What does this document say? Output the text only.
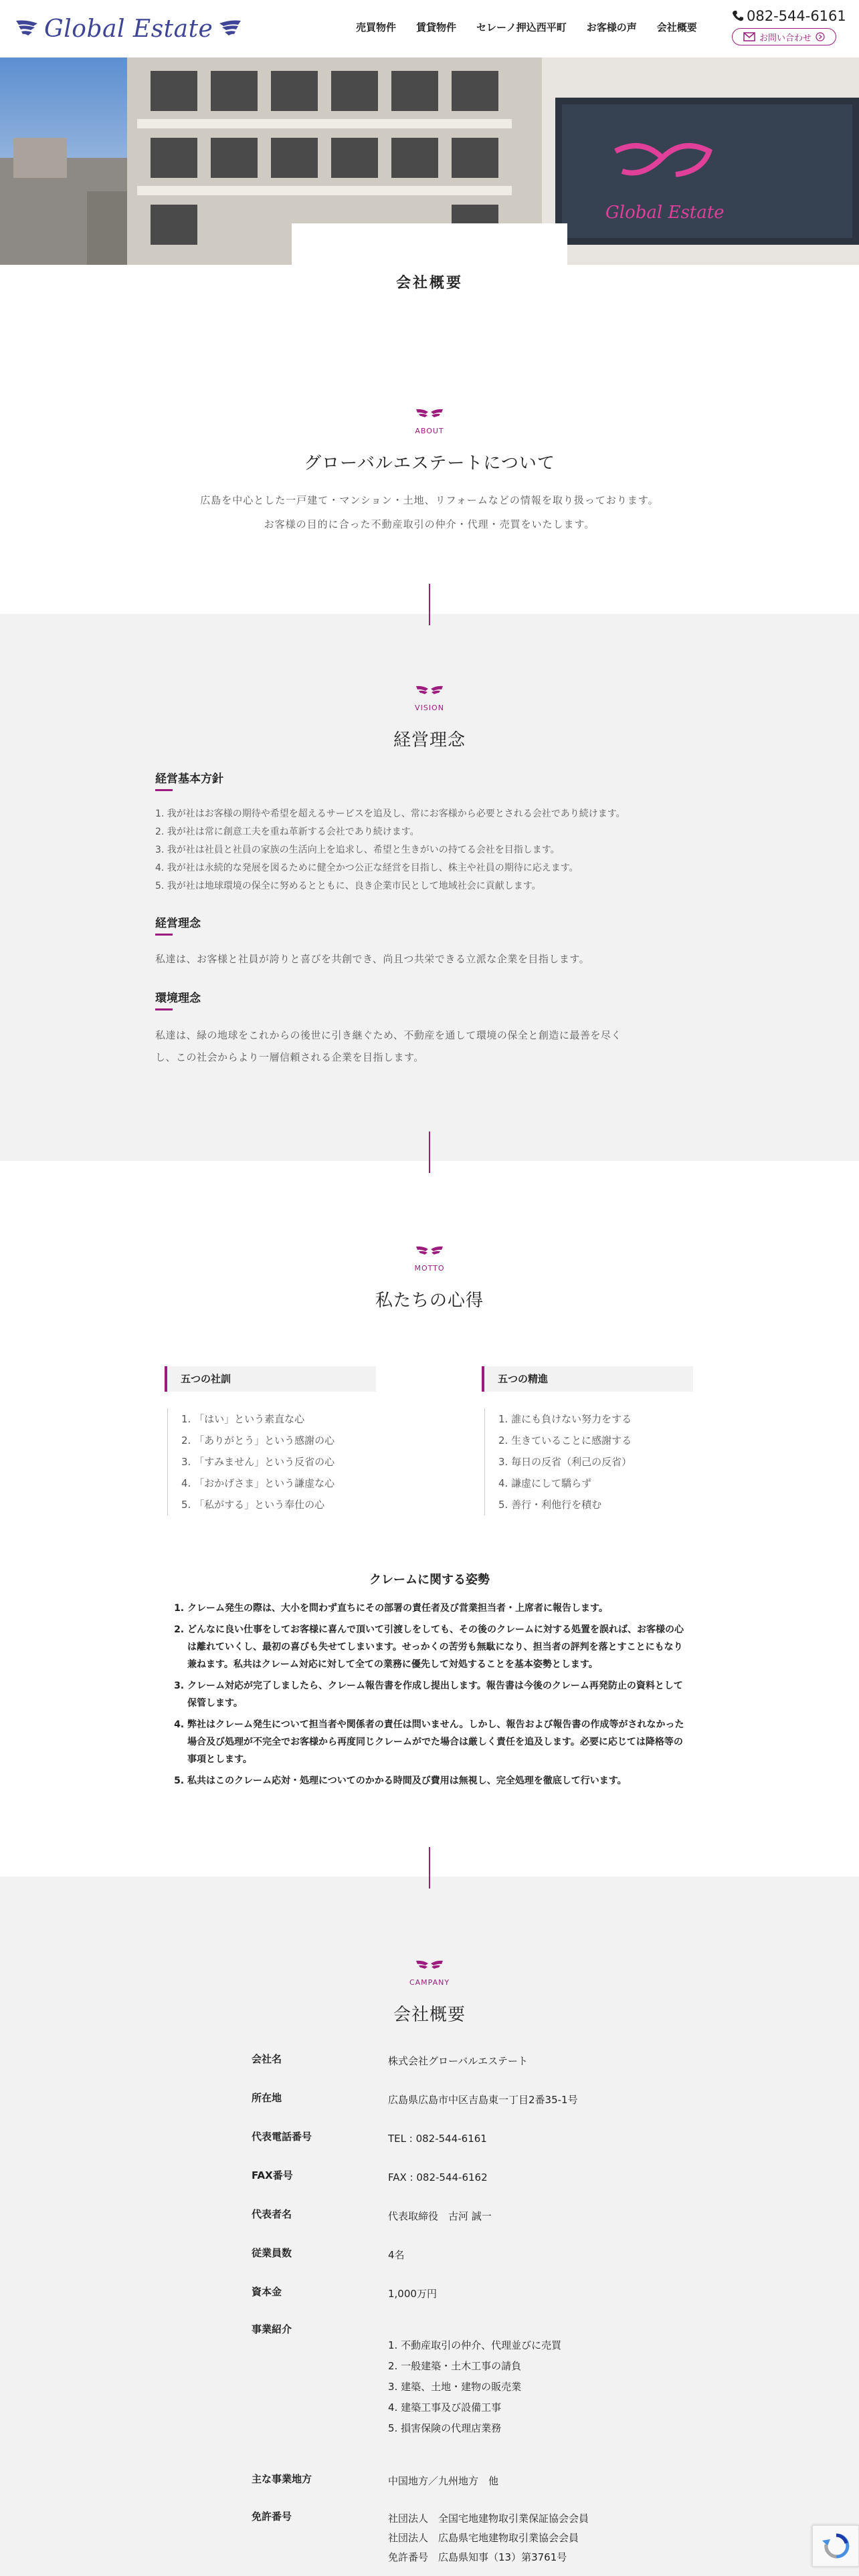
Global Estate	売買物件 賃貸物件 セレーノ押込西平町 お客様の声 会社概要
082-544-6161
お問い合わせ
Global Estate
会社概要
ABOUT
グローバルエステートについて
広島を中心とした一戸建て・マンション・土地、リフォームなどの情報を取り扱っております。
お客様の目的に合った不動産取引の仲介・代理・売買をいたします。
VISION
経営理念
経営基本方針
1. 我が社はお客様の期待や希望を超えるサービスを追及し、常にお客様から必要とされる会社であり続けます。
2. 我が社は常に創意工夫を重ね革新する会社であり続けます。
3. 我が社は社員と社員の家族の生活向上を追求し、希望と生きがいの持てる会社を目指します。
4. 我が社は永続的な発展を図るために健全かつ公正な経営を目指し、株主や社員の期待に応えます。
5. 我が社は地球環境の保全に努めるとともに、良き企業市民として地域社会に貢献します。
経営理念
私達は、お客様と社員が誇りと喜びを共創でき、尚且つ共栄できる立派な企業を目指します。
環境理念
私達は、緑の地球をこれからの後世に引き継ぐため、不動産を通して環境の保全と創造に最善を尽く
し、この社会からより一層信頼される企業を目指します。
MOTTO
私たちの心得
五つの社訓
1. 「はい」という素直な心
2. 「ありがとう」という感謝の心
3. 「すみません」という反省の心
4. 「おかげさま」という謙虚な心
5. 「私がする」という奉仕の心
五つの精進
1. 誰にも負けない努力をする
2. 生きていることに感謝する
3. 毎日の反省（利己の反省）
4. 謙虚にして驕らず
5. 善行・利他行を積む
クレームに関する姿勢
1. クレーム発生の際は、大小を問わず直ちにその部署の責任者及び営業担当者・上席者に報告します。
2. どんなに良い仕事をしてお客様に喜んで頂いて引渡しをしても、その後のクレームに対する処置を誤れば、お客様の心は離れていくし、最初の喜びも失せてしまいます。せっかくの苦労も無駄になり、担当者の評判を落とすことにもなり兼ねます。私共はクレーム対応に対して全ての業務に優先して対処することを基本姿勢とします。
3. クレーム対応が完了しましたら、クレーム報告書を作成し提出します。報告書は今後のクレーム再発防止の資料として保管します。
4. 弊社はクレーム発生について担当者や関係者の責任は問いません。しかし、報告および報告書の作成等がされなかった場合及び処理が不完全でお客様から再度同じクレームがでた場合は厳しく責任を追及します。必要に応じては降格等の事項とします。
5. 私共はこのクレーム応対・処理についてのかかる時間及び費用は無視し、完全処理を徹底して行います。
CAMPANY
会社概要
会社名	株式会社グローバルエステート
所在地	広島県広島市中区吉島東一丁目2番35-1号
代表電話番号	TEL : 082-544-6161
FAX番号	FAX : 082-544-6162
代表者名	代表取締役　古河 誠一
従業員数	4名
資本金	1,000万円
事業紹介
1. 不動産取引の仲介、代理並びに売買
2. 一般建築・土木工事の請負
3. 建築、土地・建物の販売業
4. 建築工事及び設備工事
5. 損害保険の代理店業務
主な事業地方	中国地方／九州地方　他
免許番号	社団法人　全国宅地建物取引業保証協会会員
社団法人　広島県宅地建物取引業協会会員
免許番号　広島県知事（13）第3761号
